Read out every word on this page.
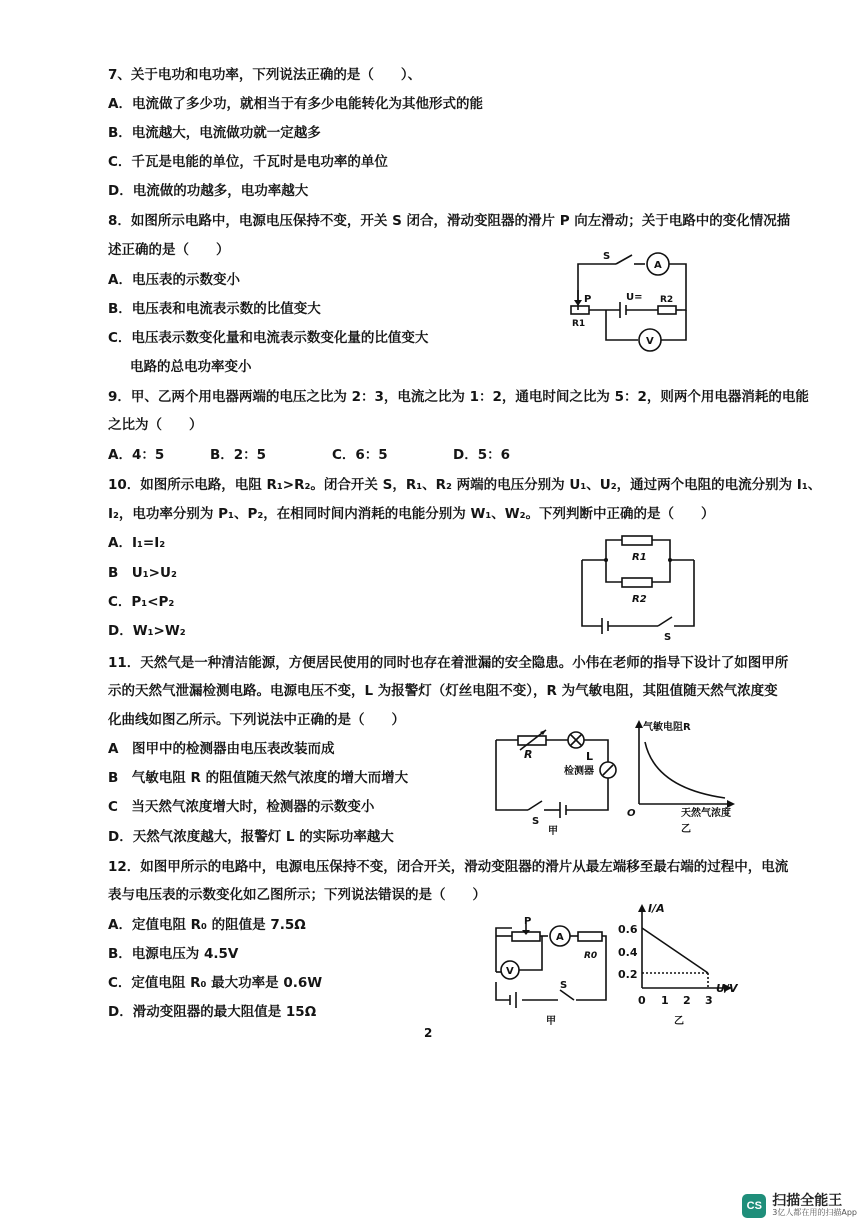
7、关于电功和电功率，下列说法正确的是（　　）、
A．电流做了多少功，就相当于有多少电能转化为其他形式的能
B．电流越大，电流做功就一定越多
C．千瓦是电能的单位，千瓦时是电功率的单位
D．电流做的功越多，电功率越大
8．如图所示电路中，电源电压保持不变，开关 S 闭合，滑动变阻器的滑片 P 向左滑动；关于电路中的变化情况描
述正确的是（　　）
A．电压表的示数变小
B．电压表和电流表示数的比值变大
C．电压表示数变化量和电流表示数变化量的比值变大
电路的总电功率变小
S
A
P	U= R2
R1
V
9．甲、乙两个用电器两端的电压之比为 2：3，电流之比为 1：2，通电时间之比为 5：2，则两个用电器消耗的电能
之比为（　　）
A．4：5	B．2：5	C．6：5	D．5：6
10．如图所示电路，电阻 R₁>R₂。闭合开关 S，R₁、R₂ 两端的电压分别为 U₁、U₂，通过两个电阻的电流分别为 I₁、
I₂，电功率分别为 P₁、P₂，在相同时间内消耗的电能分别为 W₁、W₂。下列判断中正确的是（　　）
A．I₁=I₂
B　U₁>U₂
C．P₁<P₂
D．W₁>W₂
R1
R2
S
11．天然气是一种清洁能源，方便居民使用的同时也存在着泄漏的安全隐患。小伟在老师的指导下设计了如图甲所
示的天然气泄漏检测电路。电源电压不变，L 为报警灯（灯丝电阻不变），R 为气敏电阻，其阻值随天然气浓度变
化曲线如图乙所示。下列说法中正确的是（　　）
A　图甲中的检测器由电压表改装而成
B　气敏电阻 R 的阻值随天然气浓度的增大而增大
C　当天然气浓度增大时，检测器的示数变小
D．天然气浓度越大，报警灯 L 的实际功率越大
R	L
检测器
S
甲
气敏电阻R
O	天然气浓度
乙
12．如图甲所示的电路中，电源电压保持不变，闭合开关，滑动变阻器的滑片从最左端移至最右端的过程中，电流
表与电压表的示数变化如乙图所示；下列说法错误的是（　　）
A．定值电阻 R₀ 的阻值是 7.5Ω
B．电源电压为 4.5V
C．定值电阻 R₀ 最大功率是 0.6W
D．滑动变阻器的最大阻值是 15Ω
P
A
R0
V
S
甲
I/A
0.6
0.4
0.2
0 1 2 3
U/V
乙
2
CS 扫描全能王
3亿人都在用的扫描App
